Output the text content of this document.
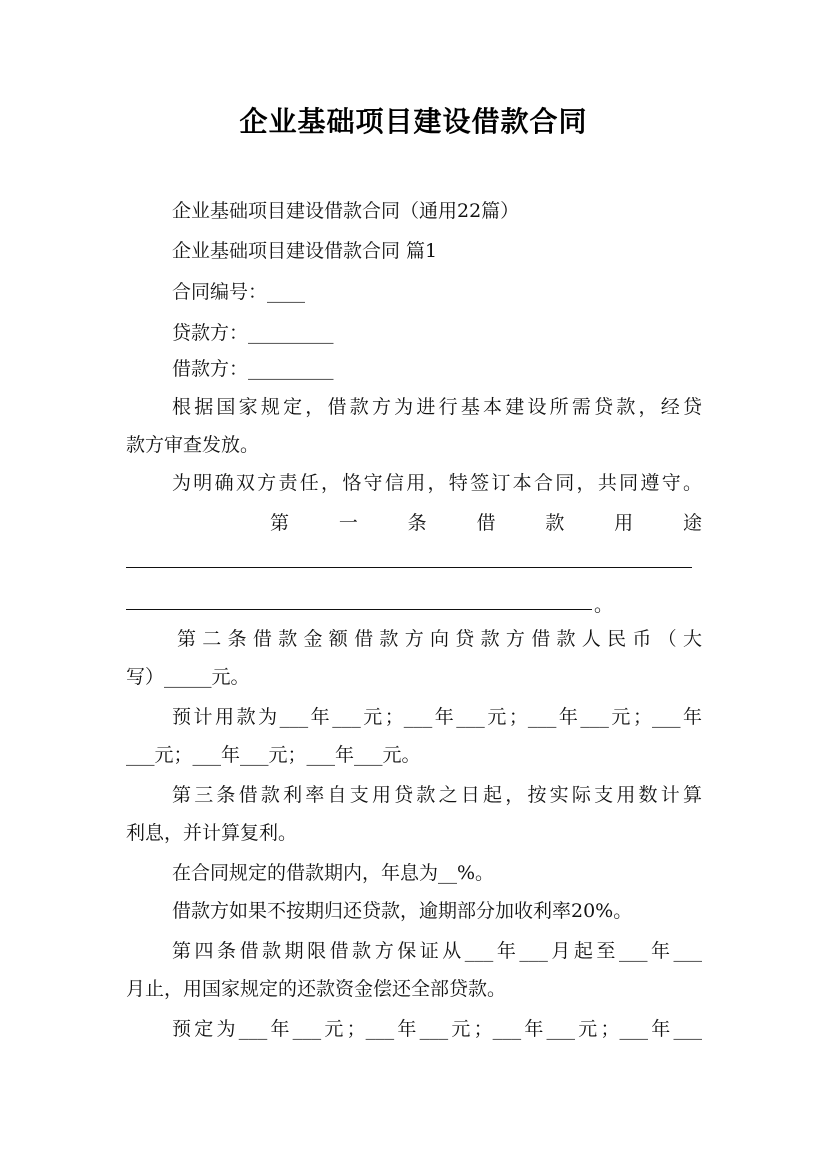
企业基础项目建设借款合同
企业基础项目建设借款合同（通用22篇）
企业基础项目建设借款合同 篇1
合同编号：____
贷款方：_________
借款方：_________
根据国家规定，借款方为进行基本建设所需贷款，经贷
款方审查发放。
为明确双方责任，恪守信用，特签订本合同，共同遵守。
第 一 条 借 款 用 途
。
第二条借款金额借款方向贷款方借款人民币（大
写）_____元。
预计用款为___年___元；___年___元；___年___元；___年
___元；___年___元；___年___元。
第三条借款利率自支用贷款之日起，按实际支用数计算
利息，并计算复利。
在合同规定的借款期内，年息为__%。
借款方如果不按期归还贷款，逾期部分加收利率20%。
第四条借款期限借款方保证从___年___月起至___年___
月止，用国家规定的还款资金偿还全部贷款。
预定为___年___元；___年___元；___年___元；___年___
